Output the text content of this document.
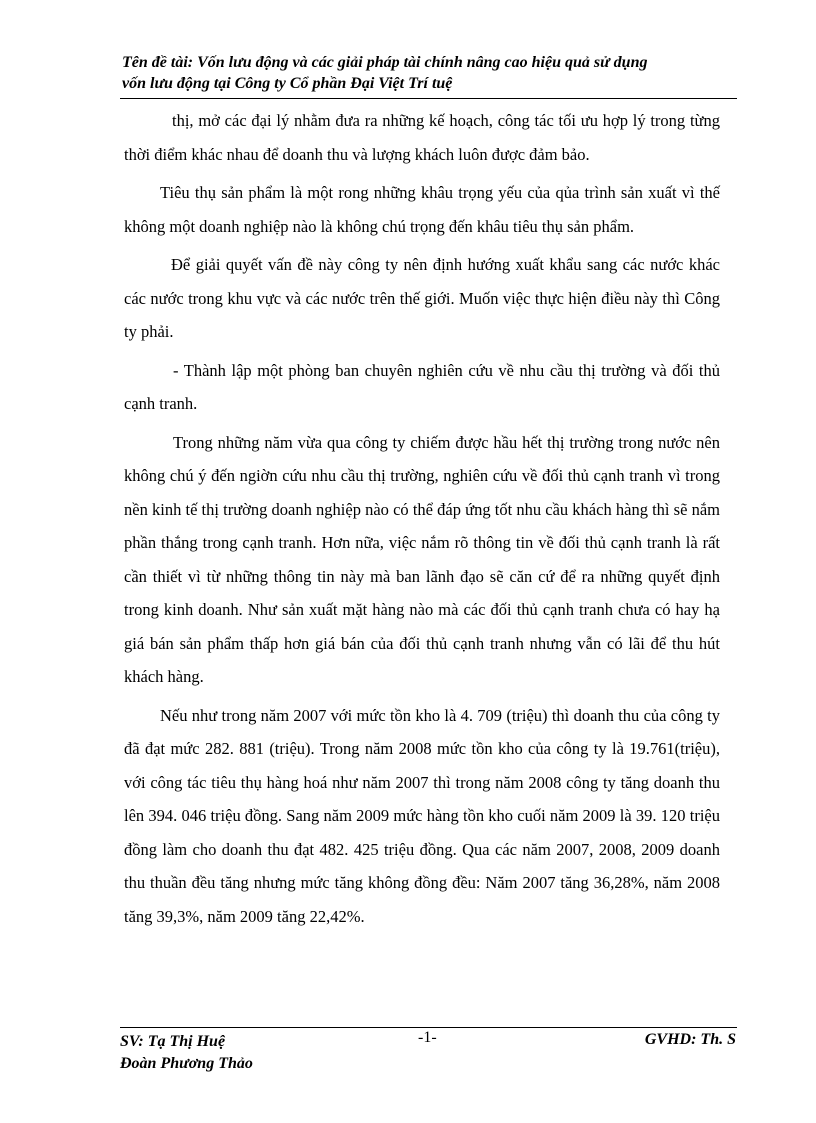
Tên đề tài: Vốn lưu động và các giải pháp tài chính nâng cao hiệu quả sử dụng
vốn lưu động tại Công ty Cổ phần Đại Việt Trí tuệ

thị, mở các đại lý nhằm đưa ra những kế hoạch, công tác tối ưu hợp lý trong từng thời điểm khác nhau để doanh thu và lượng khách luôn được đảm bảo.

Tiêu thụ sản phẩm là một rong những khâu trọng yếu của qủa trình sản xuất vì thế không một doanh nghiệp nào là không chú trọng đến khâu tiêu thụ sản phẩm.

Để giải quyết vấn đề này công ty nên định hướng xuất khẩu sang các nước khác các nước trong khu vực và các nước trên thế giới. Muốn việc thực hiện điều này thì Công ty phải.

- Thành lập một phòng ban chuyên nghiên cứu về nhu cầu thị trường và đối thủ cạnh tranh.

Trong những năm vừa qua công ty chiếm được hầu hết thị trường trong nước nên không chú ý đến ngiờn cứu nhu cầu thị trường, nghiên cứu về đối thủ cạnh tranh vì trong nền kinh tế thị trường doanh nghiệp nào có thể đáp ứng tốt nhu cầu khách hàng thì sẽ nắm phần thắng trong cạnh tranh. Hơn nữa, việc nắm rõ thông tin về đối thủ cạnh tranh là rất cần thiết vì từ những thông tin này mà ban lãnh đạo sẽ căn cứ để ra những quyết định trong kinh doanh. Như sản xuất mặt hàng nào mà các đối thủ cạnh tranh chưa có hay hạ giá bán sản phẩm thấp hơn giá bán của đối thủ cạnh tranh nhưng vẫn có lãi để thu hút khách hàng.

Nếu như trong năm 2007 với mức tồn kho là 4. 709 (triệu) thì doanh thu của công ty đã đạt mức 282. 881 (triệu). Trong năm 2008 mức tồn kho của công ty là 19.761(triệu), với công tác tiêu thụ hàng hoá như năm 2007 thì trong năm 2008 công ty tăng doanh thu lên 394. 046 triệu đồng. Sang năm 2009 mức hàng tồn kho cuối năm 2009 là 39. 120 triệu đồng làm cho doanh thu đạt 482. 425 triệu đồng. Qua các năm 2007, 2008, 2009 doanh thu thuần đều tăng nhưng mức tăng không đồng đều: Năm 2007 tăng 36,28%, năm 2008 tăng 39,3%, năm 2009 tăng 22,42%.

SV: Tạ Thị Huệ
Đoàn Phương Thảo
-1-	GVHD: Th. S
